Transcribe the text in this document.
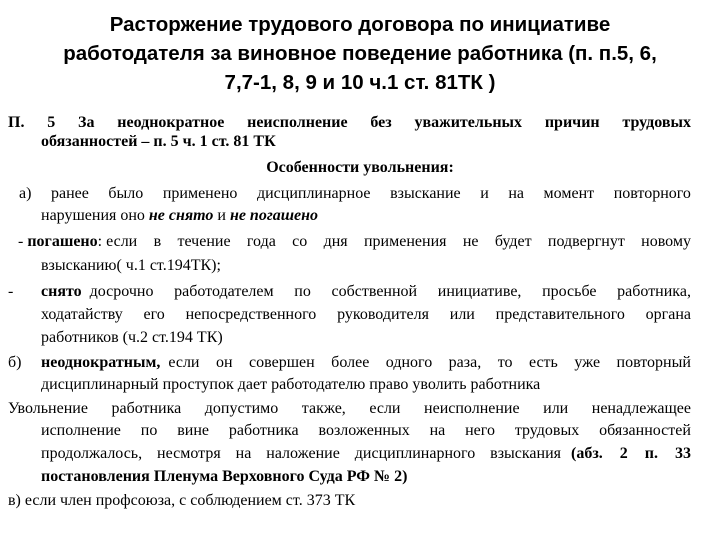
Расторжение трудового договора по инициативе
работодателя за виновное поведение работника (п. п.5, 6,
7,7-1, 8, 9 и 10 ч.1 ст. 81ТК )
П. 5 За неоднократное неисполнение без уважительных причин трудовых
обязанностей – п. 5 ч. 1 ст. 81 ТК
Особенности увольнения:
а) ранее было применено дисциплинарное взыскание и на момент повторного
нарушения оно не снято и не погашено
-
погашено : если в течение года со дня применения не будет подвергнут новому
взысканию( ч.1 ст.194ТК);
-	снято
досрочно работодателем по собственной инициативе, просьбе работника,
ходатайству его непосредственного руководителя или представительного органа
работников (ч.2 ст.194 ТК)
б)	неоднократным,
если он совершен более одного раза, то есть уже повторный
дисциплинарный проступок дает работодателю право уволить работника
Увольнение работника допустимо также, если неисполнение или ненадлежащее
исполнение по вине работника возложенных на него трудовых обязанностей
продолжалось, несмотря на наложение дисциплинарного взыскания (абз. 2 п. 33
постановления Пленума Верховного Суда РФ № 2)
в) если член профсоюза, с соблюдением ст. 373 ТК
